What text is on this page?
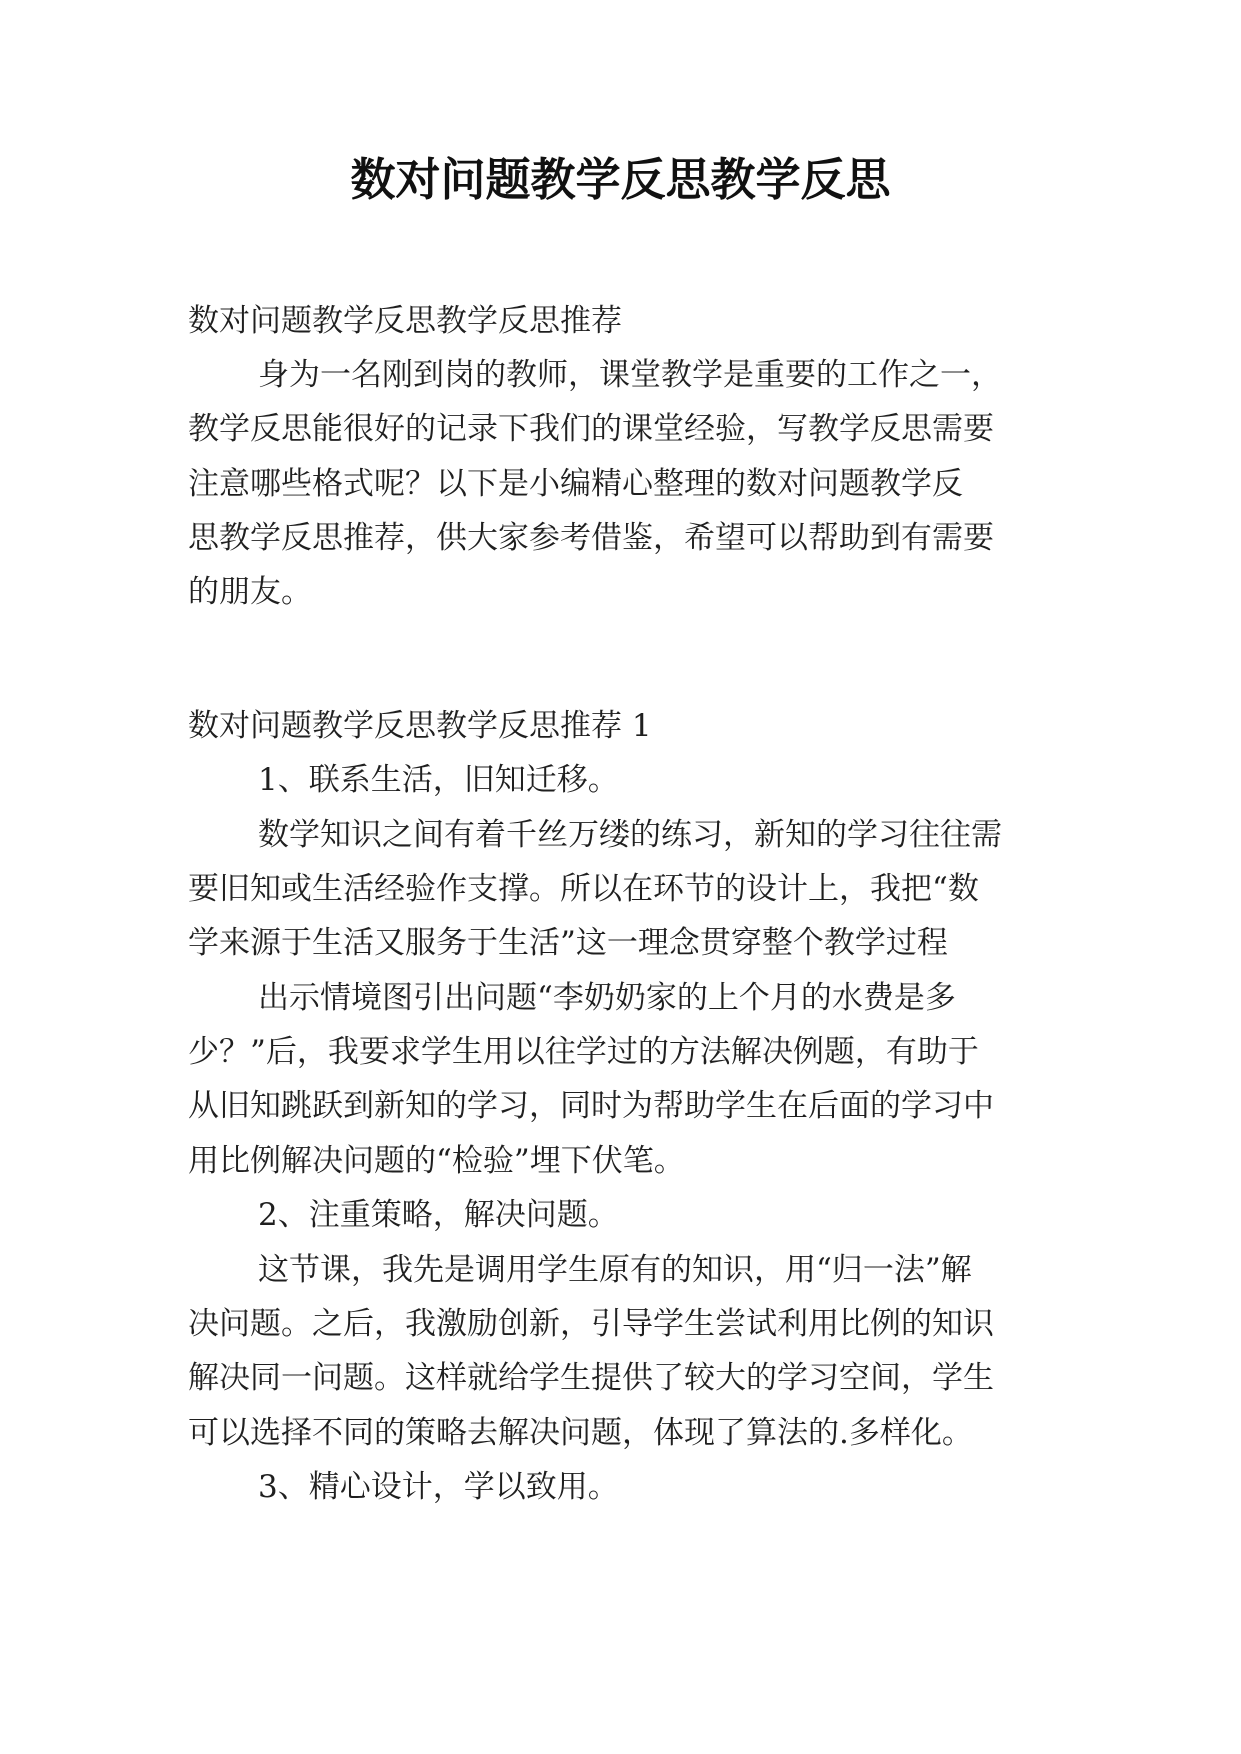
数对问题教学反思教学反思

数对问题教学反思教学反思推荐

身为一名刚到岗的教师，课堂教学是重要的工作之一，

教学反思能很好的记录下我们的课堂经验，写教学反思需要

注意哪些格式呢？以下是小编精心整理的数对问题教学反

思教学反思推荐，供大家参考借鉴，希望可以帮助到有需要

的朋友。

数对问题教学反思教学反思推荐 1

1、联系生活，旧知迁移。

数学知识之间有着千丝万缕的练习，新知的学习往往需

要旧知或生活经验作支撑。所以在环节的设计上，我把“数

学来源于生活又服务于生活”这一理念贯穿整个教学过程

出示情境图引出问题“李奶奶家的上个月的水费是多

少？”后，我要求学生用以往学过的方法解决例题，有助于

从旧知跳跃到新知的学习，同时为帮助学生在后面的学习中

用比例解决问题的“检验”埋下伏笔。

2、注重策略，解决问题。

这节课，我先是调用学生原有的知识，用“归一法”解

决问题。之后，我激励创新，引导学生尝试利用比例的知识

解决同一问题。这样就给学生提供了较大的学习空间，学生

可以选择不同的策略去解决问题，体现了算法的.多样化。

3、精心设计，学以致用。
